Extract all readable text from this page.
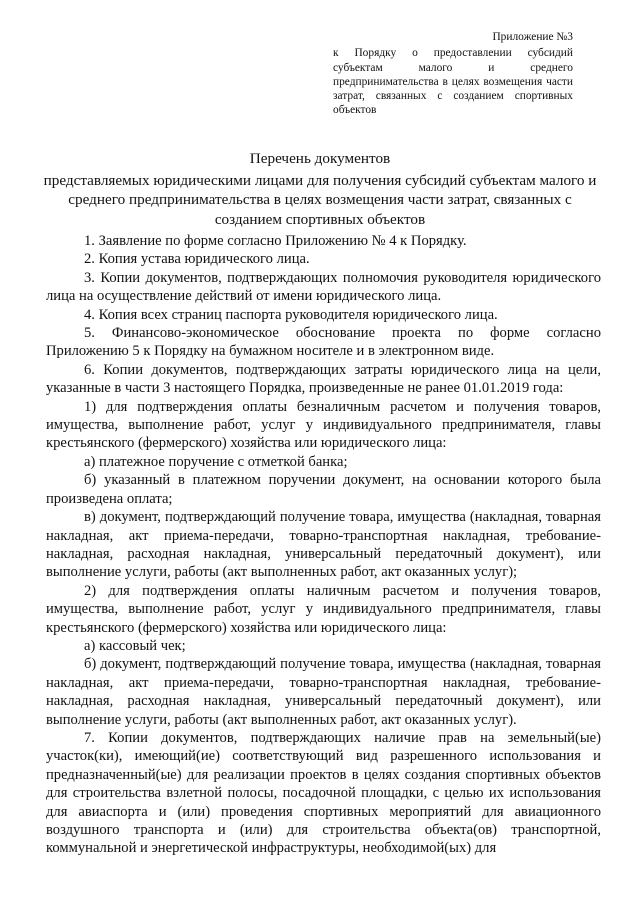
Приложение №3

к Порядку о предоставлении субсидий субъектам малого и среднего предпринимательства в целях возмещения части затрат, связанных с созданием спортивных объектов

Перечень документов

представляемых юридическими лицами для получения субсидий субъектам малого и среднего предпринимательства в целях возмещения части затрат, связанных с созданием спортивных объектов

1. Заявление по форме согласно Приложению № 4 к Порядку.

2. Копия устава юридического лица.

3. Копии документов, подтверждающих полномочия руководителя юридического лица на осуществление действий от имени юридического лица.

4. Копия всех страниц паспорта руководителя юридического лица.

5. Финансово-экономическое обоснование проекта по форме согласно Приложению 5 к Порядку на бумажном носителе и в электронном виде.

6. Копии документов, подтверждающих затраты юридического лица на цели, указанные в части 3 настоящего Порядка, произведенные не ранее 01.01.2019 года:

1) для подтверждения оплаты безналичным расчетом и получения товаров, имущества, выполнение работ, услуг у индивидуального предпринимателя, главы крестьянского (фермерского) хозяйства или юридического лица:

а) платежное поручение с отметкой банка;

б) указанный в платежном поручении документ, на основании которого была произведена оплата;

в) документ, подтверждающий получение товара, имущества (накладная, товарная накладная, акт приема-передачи, товарно-транспортная накладная, требование-накладная, расходная накладная, универсальный передаточный документ), или выполнение услуги, работы (акт выполненных работ, акт оказанных услуг);

2) для подтверждения оплаты наличным расчетом и получения товаров, имущества, выполнение работ, услуг у индивидуального предпринимателя, главы крестьянского (фермерского) хозяйства или юридического лица:

а) кассовый чек;

б) документ, подтверждающий получение товара, имущества (накладная, товарная накладная, акт приема-передачи, товарно-транспортная накладная, требование-накладная, расходная накладная, универсальный передаточный документ), или выполнение услуги, работы (акт выполненных работ, акт оказанных услуг).

7. Копии документов, подтверждающих наличие прав на земельный(ые) участок(ки), имеющий(ие) соответствующий вид разрешенного использования и предназначенный(ые) для реализации проектов в целях создания спортивных объектов для строительства взлетной полосы, посадочной площадки, с целью их использования для авиаспорта и (или) проведения спортивных мероприятий для авиационного воздушного транспорта и (или) для строительства объекта(ов) транспортной, коммунальной и энергетической инфраструктуры, необходимой(ых) для
